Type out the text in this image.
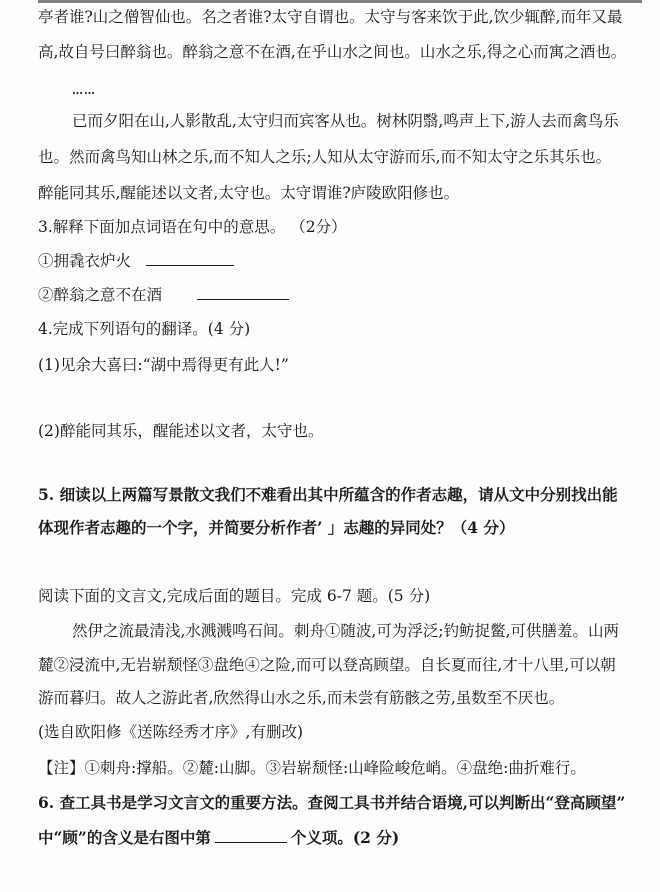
亭者谁?山之僧智仙也。名之者谁?太守自谓也。太守与客来饮于此,饮少辄醉,而年又最
高,故自号曰醉翁也。醉翁之意不在酒,在乎山水之间也。山水之乐,得之心而寓之酒也。
……
已而夕阳在山,人影散乱,太守归而宾客从也。树林阴翳,鸣声上下,游人去而禽鸟乐
也。然而禽鸟知山林之乐,而不知人之乐;人知从太守游而乐,而不知太守之乐其乐也。
醉能同其乐,醒能述以文者,太守也。太守谓谁?庐陵欧阳修也。
3.解释下面加点词语在句中的意思。 （2分）
①拥毳衣炉火
②醉翁之意不在酒
4.完成下列语句的翻译。(4 分)
(1)见余大喜曰:“湖中焉得更有此人!”
(2)醉能同其乐，醒能述以文者，太守也。
5. 细读以上两篇写景散文我们不难看出其中所蕴含的作者志趣，请从文中分别找出能
体现作者志趣的一个字，并简要分析作者’ 」志趣的异同处？（4 分）
阅读下面的文言文,完成后面的题目。完成 6-7 题。(5 分)
然伊之流最清浅,水溅溅鸣石间。刺舟①随波,可为浮泛;钓鲂捉鳖,可供膳羞。山两
麓②浸流中,无岩崭颓怪③盘绝④之险,而可以登高顾望。自长夏而往,才十八里,可以朝
游而暮归。故人之游此者,欣然得山水之乐,而未尝有筋骸之劳,虽数至不厌也。
(选自欧阳修《送陈经秀才序》,有删改)
【注】①刺舟:撑船。②麓:山脚。③岩崭颓怪:山峰险峻危峭。④盘绝:曲折难行。
6. 查工具书是学习文言文的重要方法。查阅工具书并结合语境,可以判断出“登高顾望”
中“顾”的含义是右图中第	个义项。(2 分)
